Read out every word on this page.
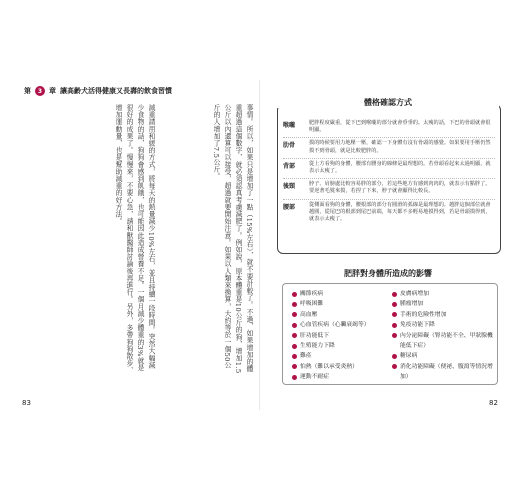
第	3 章 讓高齡犬活得健康又長壽的飲食習慣
事情。所以，如果只是增加了一點（15%左右），就不要計較了。不過，如果增加的體重超過這個數字，就必須認真考慮減肥了。例如說，原本體重是10公斤的狗，增加1.5公斤以內還算可以接受，超過就要開始注意。如果以人類來換算，大約等於一個50公斤的人增加了7.5公斤。
減重請用和緩的方式，將每天的熱量減少10%左右，並且持續一段時間。突然大幅減少食物的話，狗狗會感到飢餓，也可能因此造成營養不足。一個月減少體重的3%就是很好的成果了。慢慢來，不要心急，請和獸醫師討論後再進行。另外，多帶狗狗散步、增加運動量，也是幫助減重的好方法。
83
體格確認方式
喉嚨	肥胖程度嚴重，從下巴到喉嚨的部分就會垂垂的。太瘦的話，下巴的骨頭就會很明顯。
肋骨	摸的時候要用力地壓一壓，確認一下身體有沒有骨頭的感覺。如果要用手壓仍然摸不到骨頭，就是比較肥胖的。
背部	從上方看狗的身體，腰部有腰身的線條是最理想的。若骨頭看起來太過明顯，就表示太瘦了。
後頸	脖子、肩膀處比較容易胖的部分，若這些地方有感到肉肉的，就表示有點胖了。要逆著毛髮來摸，若捏了下來，脖子就會顯得比較長。
腰部	從側面看狗的身體，腰根部的部分有圓滑的弧線是最理想的。越胖這個部位就會越圓，從尾巴的根部到尾巴前端，每天都不多輕易地摸得到，若是骨頭摸得到，就表示太瘦了。
肥胖對身體所造成的影響
關節疾病
呼吸困難
高血壓
心血管疾病（心臟衰竭等）
肝功能低下
生殖能力下降
難產
怕熱（難以承受炎熱）
運動不耐症
皮膚病增加
腫瘤增加
手術的危險性增加
免疫功能下降
內分泌障礙（腎功能不全、甲狀腺機能低下症）
糖尿病
消化功能障礙（便祕、腹瀉等情況增加）
82
